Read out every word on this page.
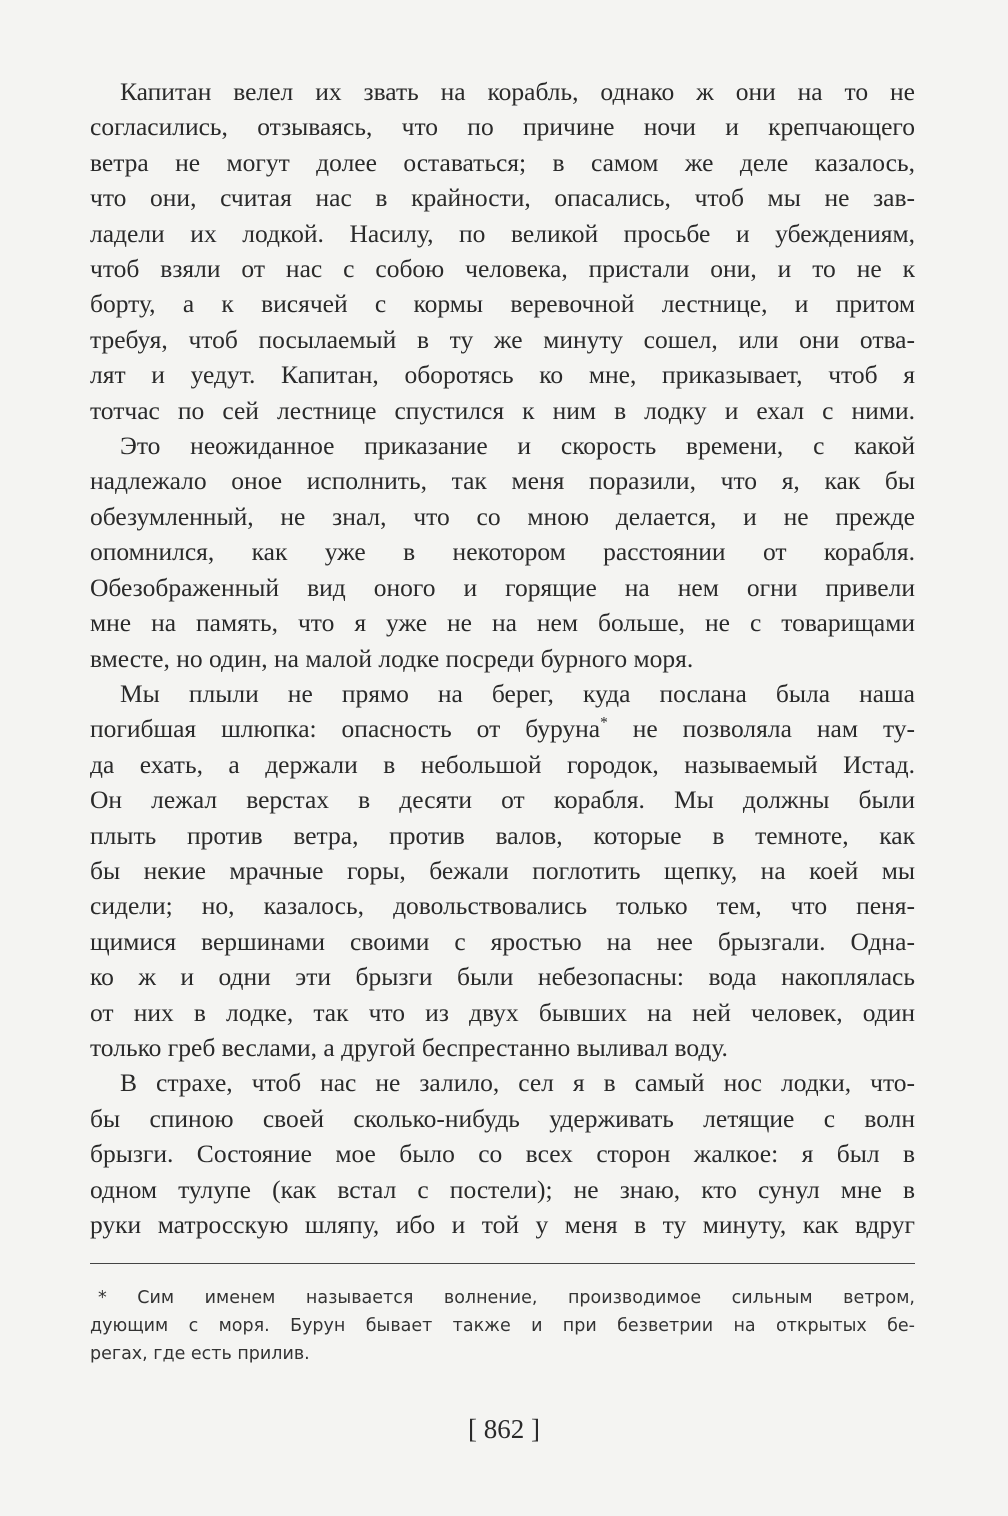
Капитан велел их звать на корабль, однако ж они на то не
согласились, отзываясь, что по причине ночи и крепчающего
ветра не могут долее оставаться; в самом же деле казалось,
что они, считая нас в крайности, опасались, чтоб мы не зав-
ладели их лодкой. Насилу, по великой просьбе и убеждениям,
чтоб взяли от нас с собою человека, пристали они, и то не к
борту, а к висячей с кормы веревочной лестнице, и притом
требуя, чтоб посылаемый в ту же минуту сошел, или они отва-
лят и уедут. Капитан, оборотясь ко мне, приказывает, чтоб я
тотчас по сей лестнице спустился к ним в лодку и ехал с ними.
Это неожиданное приказание и скорость времени, с какой
надлежало оное исполнить, так меня поразили, что я, как бы
обезумленный, не знал, что со мною делается, и не прежде
опомнился, как уже в некотором расстоянии от корабля.
Обезображенный вид оного и горящие на нем огни привели
мне на память, что я уже не на нем больше, не с товарищами
вместе, но один, на малой лодке посреди бурного моря.
Мы плыли не прямо на берег, куда послана была наша
погибшая шлюпка: опасность от буруна* не позволяла нам ту-
да ехать, а держали в небольшой городок, называемый Истад.
Он лежал верстах в десяти от корабля. Мы должны были
плыть против ветра, против валов, которые в темноте, как
бы некие мрачные горы, бежали поглотить щепку, на коей мы
сидели; но, казалось, довольствовались только тем, что пеня-
щимися вершинами своими с яростью на нее брызгали. Одна-
ко ж и одни эти брызги были небезопасны: вода накоплялась
от них в лодке, так что из двух бывших на ней человек, один
только греб веслами, а другой беспрестанно выливал воду.
В страхе, чтоб нас не залило, сел я в самый нос лодки, что-
бы спиною своей сколько-нибудь удерживать летящие с волн
брызги. Состояние мое было со всех сторон жалкое: я был в
одном тулупе (как встал с постели); не знаю, кто сунул мне в
руки матросскую шляпу, ибо и той у меня в ту минуту, как вдруг
* Сим именем называется волнение, производимое сильным ветром,
дующим с моря. Бурун бывает также и при безветрии на открытых бе-
регах, где есть прилив.
[ 862 ]
